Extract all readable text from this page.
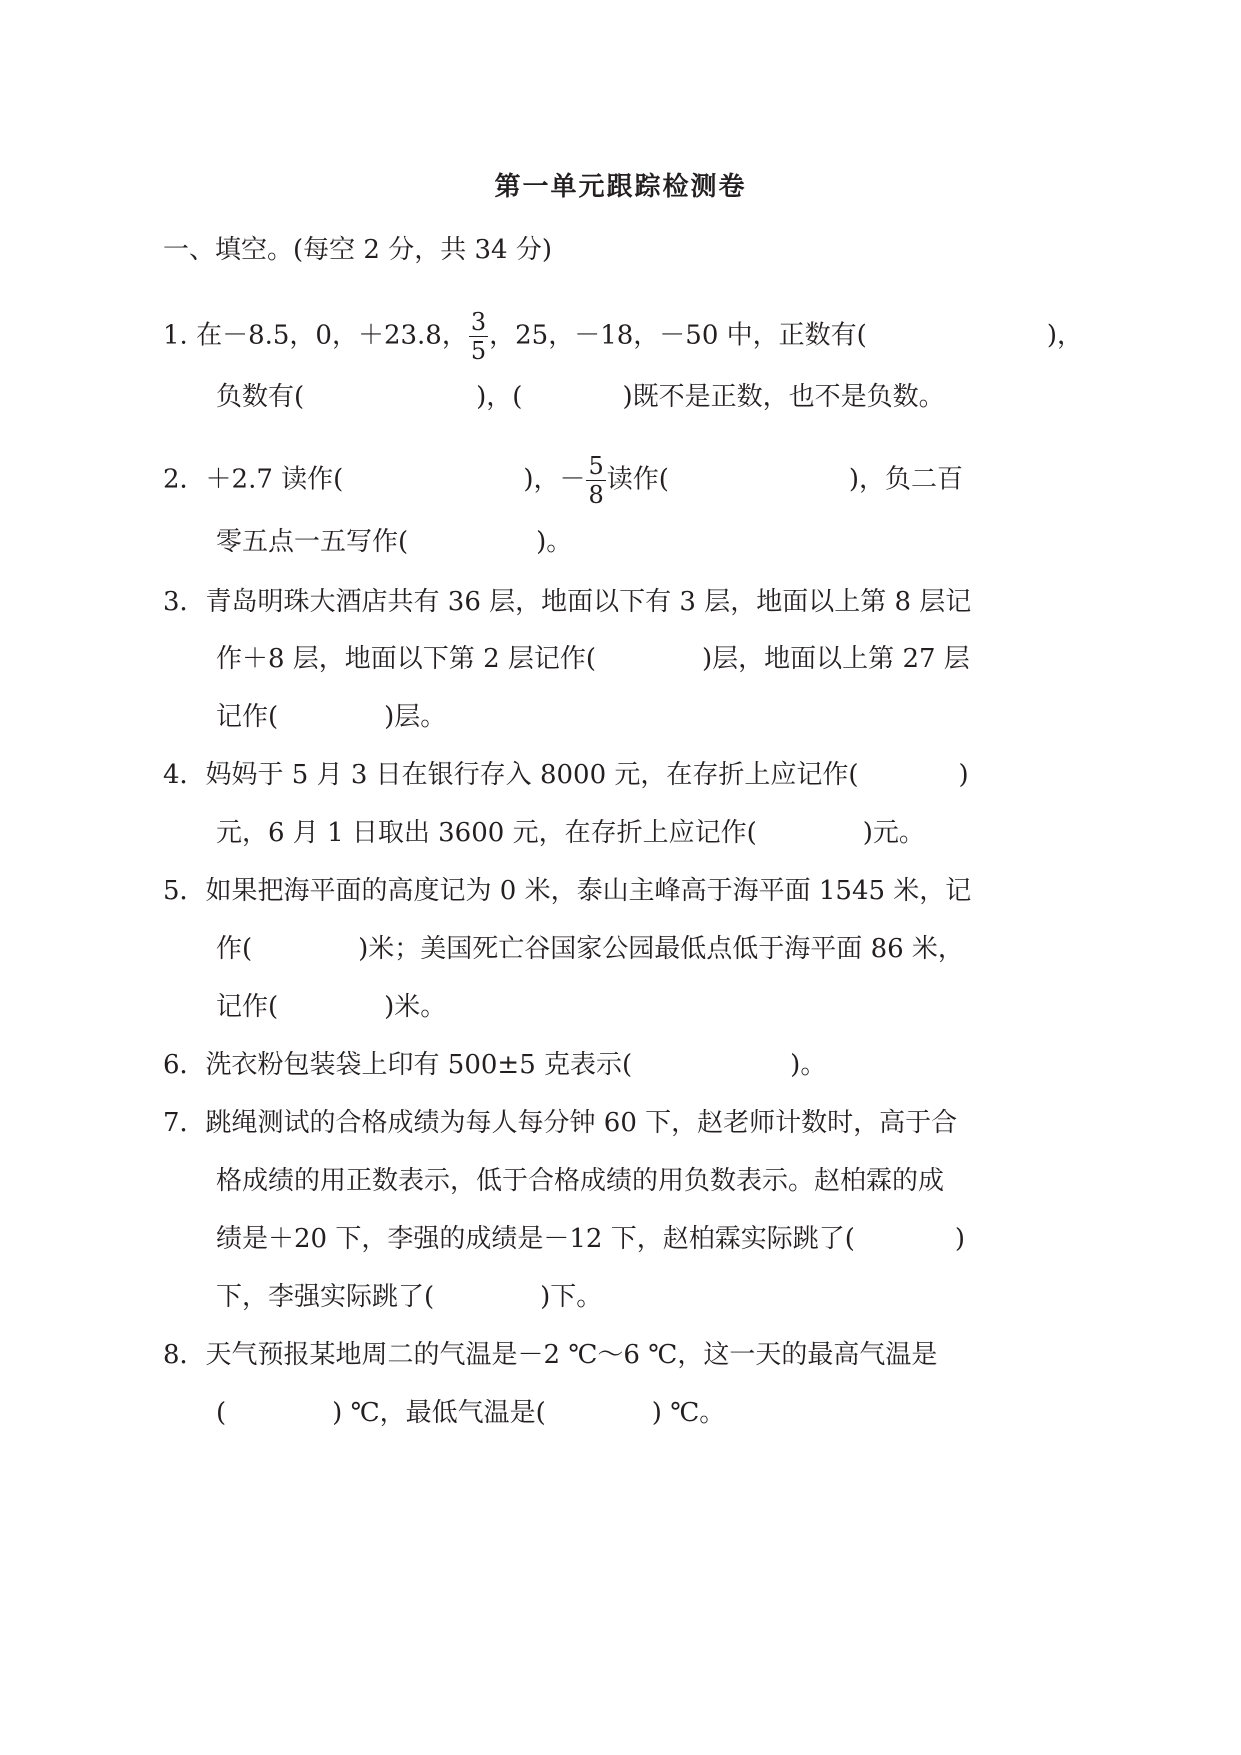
第一单元跟踪检测卷
一、填空。(每空 2 分，共 34 分)
1. 在－8.5，0，＋23.8， $\frac{3}{5}$ ，25，－18，－50 中，正数有(	)，
负数有(	)，(	)既不是正数，也不是负数。
2．＋2.7 读作(	)，－ $\frac{5}{8}$ 读作(	)，负二百
零五点一五写作(	)。
3．青岛明珠大酒店共有 36 层，地面以下有 3 层，地面以上第 8 层记
作＋8 层，地面以下第 2 层记作(	)层，地面以上第 27 层
记作(	)层。
4．妈妈于 5 月 3 日在银行存入 8000 元，在存折上应记作(	)
元，6 月 1 日取出 3600 元，在存折上应记作(	)元。
5．如果把海平面的高度记为 0 米，泰山主峰高于海平面 1545 米，记
作(	)米；美国死亡谷国家公园最低点低于海平面 86 米，
记作(	)米。
6．洗衣粉包装袋上印有 500±5 克表示(	)。
7．跳绳测试的合格成绩为每人每分钟 60 下，赵老师计数时，高于合
格成绩的用正数表示，低于合格成绩的用负数表示。赵柏霖的成
绩是＋20 下，李强的成绩是－12 下，赵柏霖实际跳了(	)
下，李强实际跳了(	)下。
8．天气预报某地周二的气温是－2 ℃～6 ℃，这一天的最高气温是
(	) ℃，最低气温是(	) ℃。
